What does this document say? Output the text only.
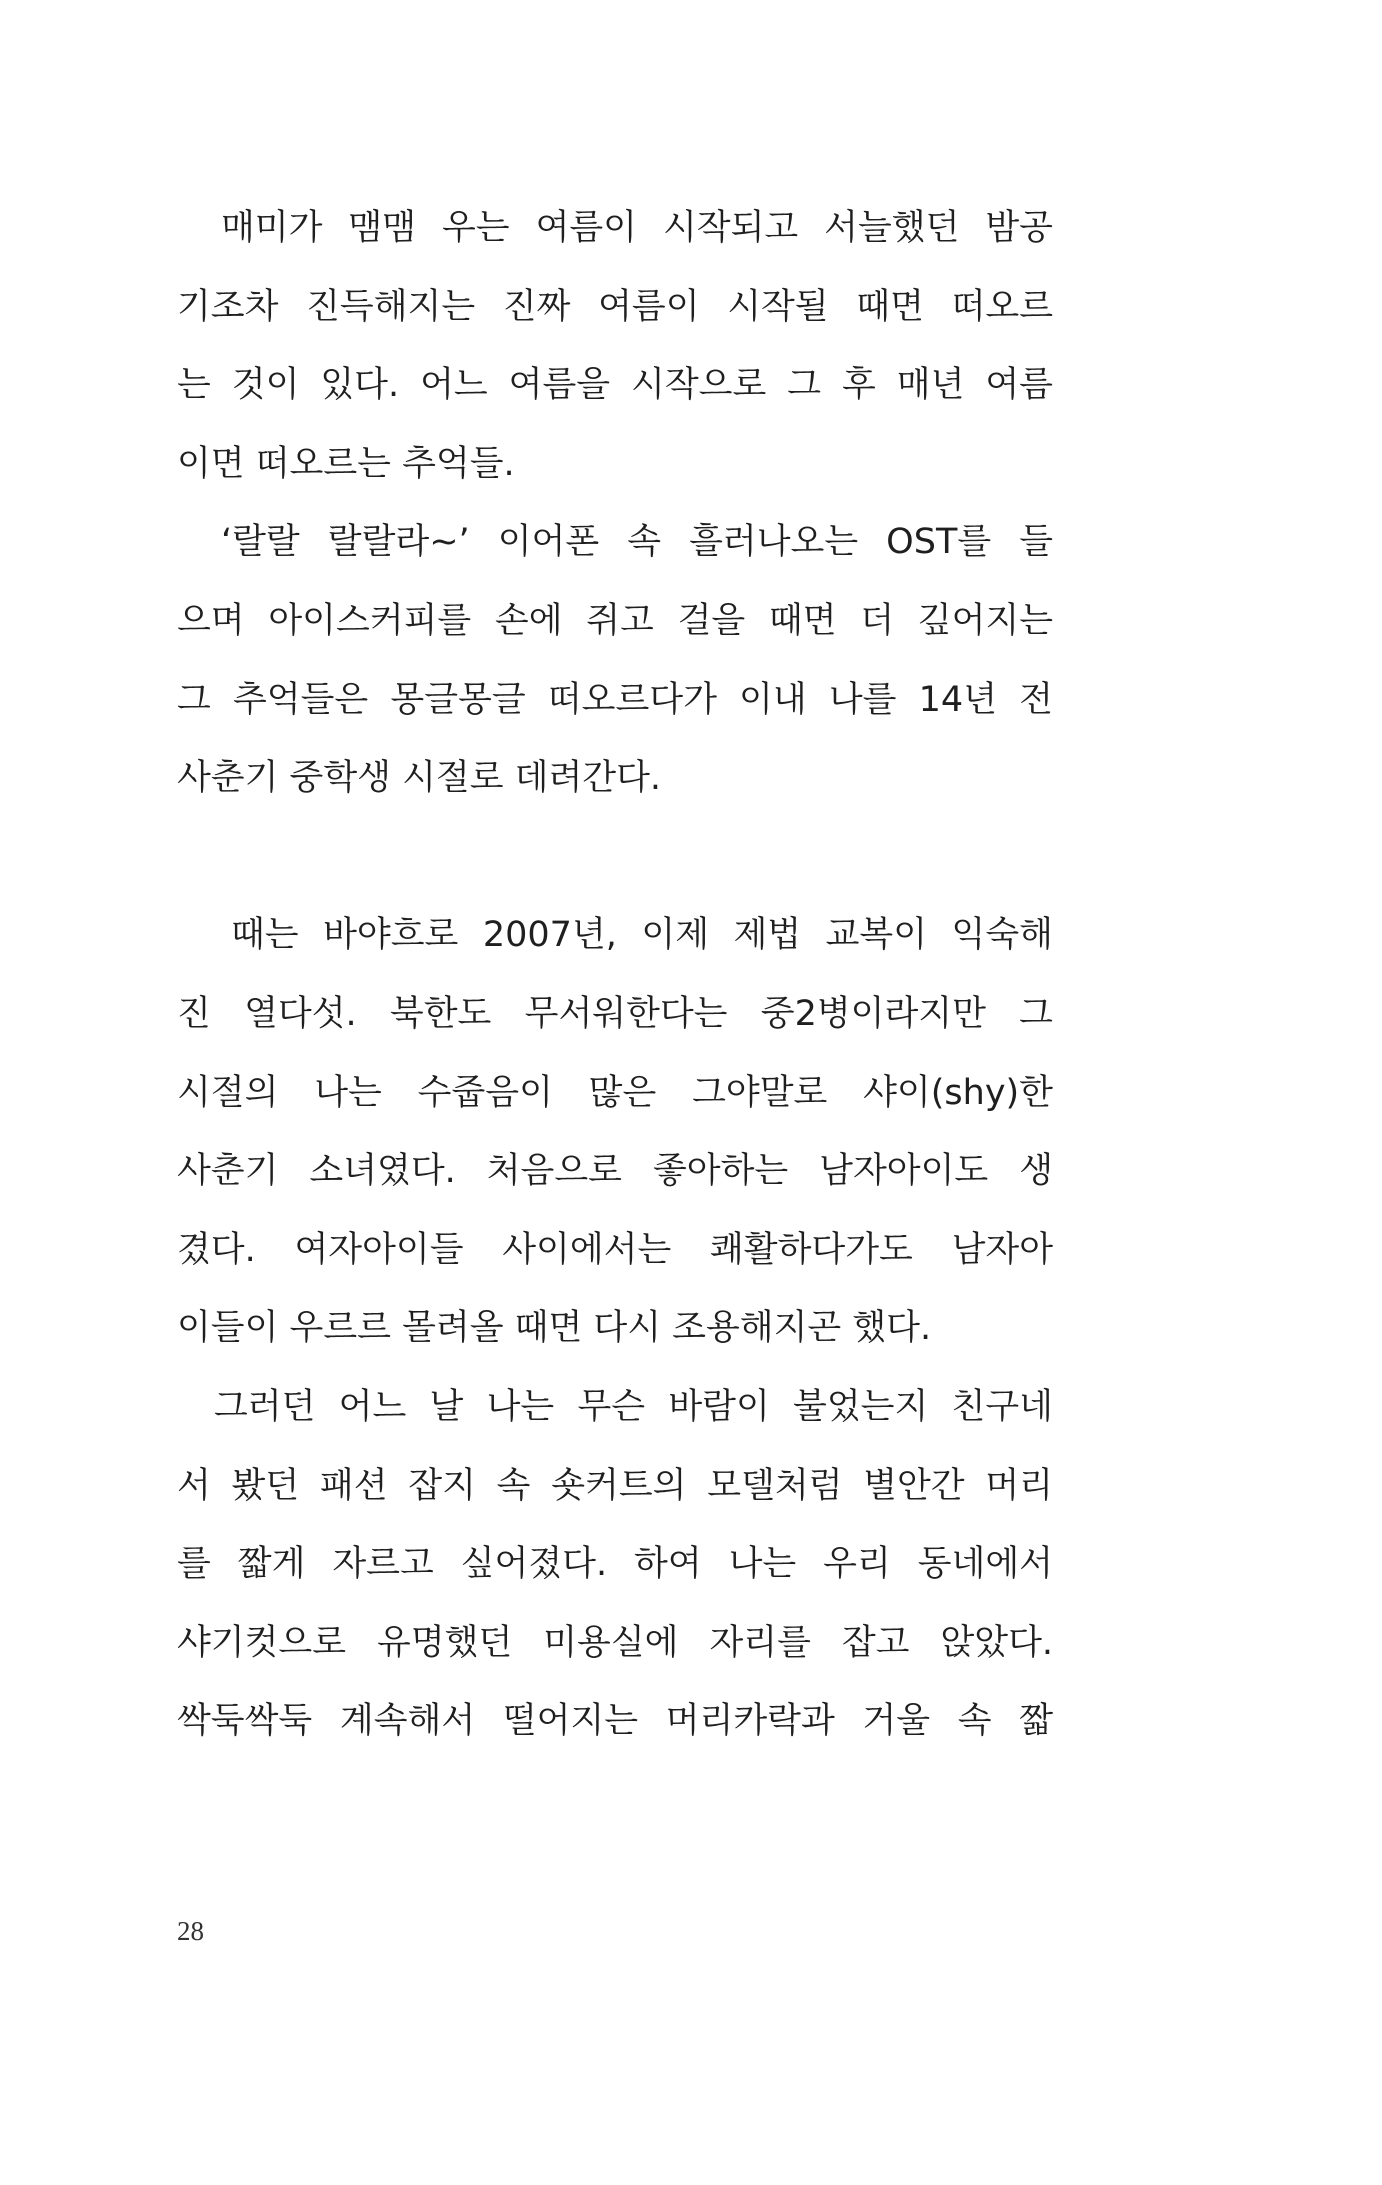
매미가 맴맴 우는 여름이 시작되고 서늘했던 밤공
기조차 진득해지는 진짜 여름이 시작될 때면 떠오르
는 것이 있다. 어느 여름을 시작으로 그 후 매년 여름
이면 떠오르는 추억들.
‘랄랄 랄랄라~’ 이어폰 속 흘러나오는 OST를 들
으며 아이스커피를 손에 쥐고 걸을 때면 더 깊어지는
그 추억들은 몽글몽글 떠오르다가 이내 나를 14년 전
사춘기 중학생 시절로 데려간다.
때는 바야흐로 2007년, 이제 제법 교복이 익숙해
진 열다섯. 북한도 무서워한다는 중2병이라지만 그
시절의 나는 수줍음이 많은 그야말로 샤이(shy)한
사춘기 소녀였다. 처음으로 좋아하는 남자아이도 생
겼다. 여자아이들 사이에서는 쾌활하다가도 남자아
이들이 우르르 몰려올 때면 다시 조용해지곤 했다.
그러던 어느 날 나는 무슨 바람이 불었는지 친구네
서 봤던 패션 잡지 속 숏커트의 모델처럼 별안간 머리
를 짧게 자르고 싶어졌다. 하여 나는 우리 동네에서
샤기컷으로 유명했던 미용실에 자리를 잡고 앉았다.
싹둑싹둑 계속해서 떨어지는 머리카락과 거울 속 짧
28
